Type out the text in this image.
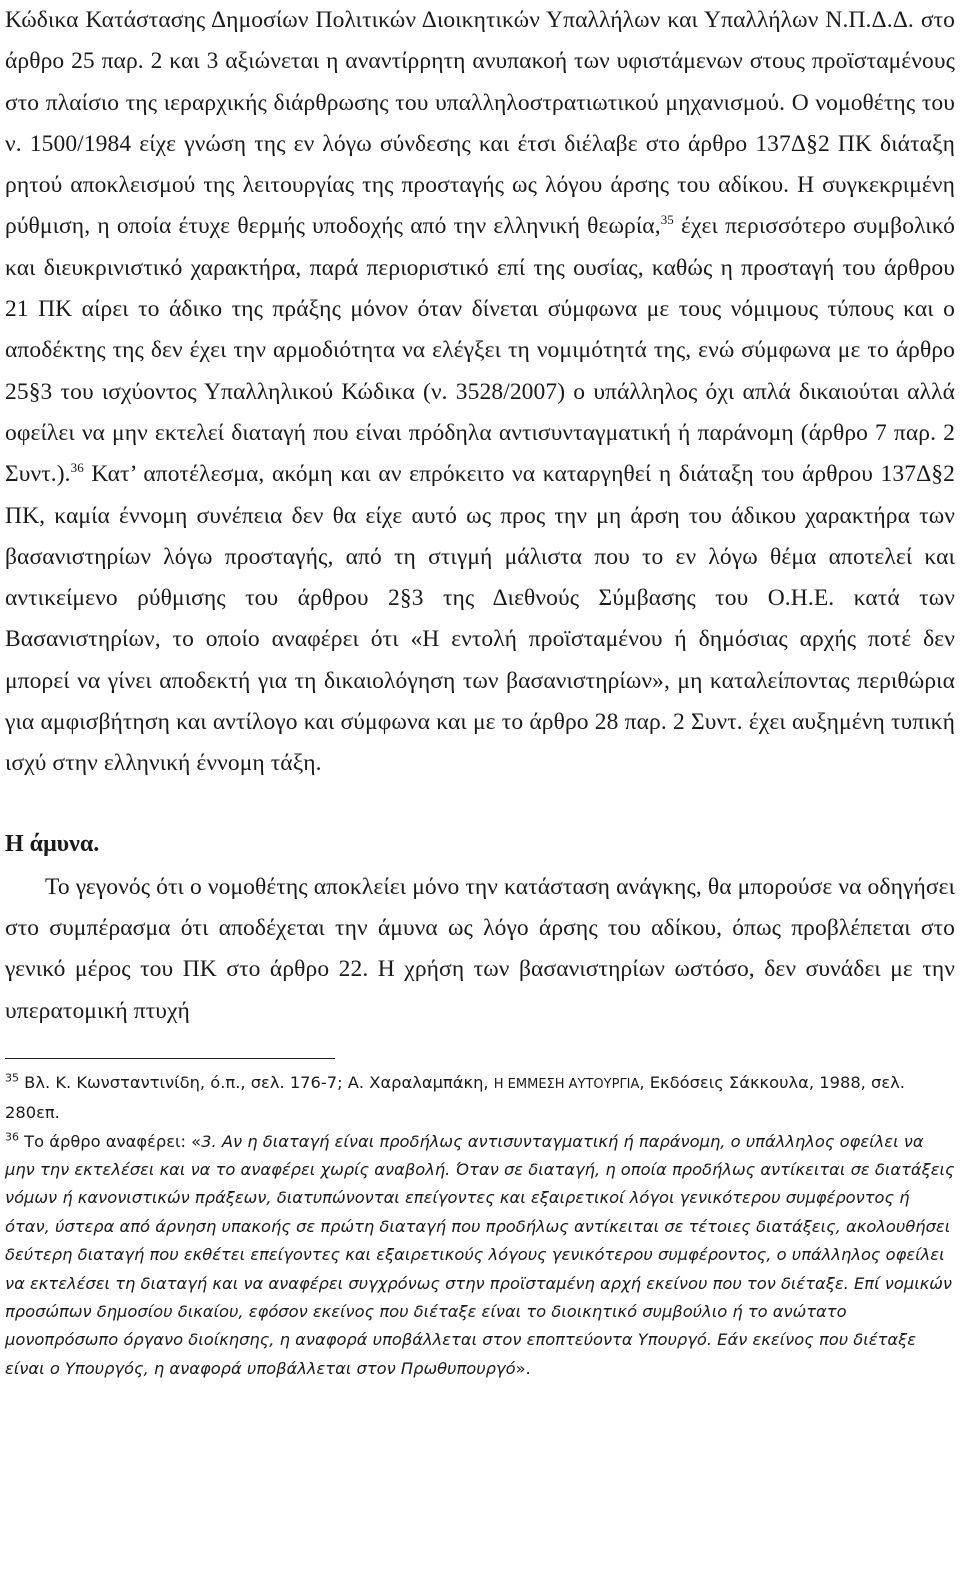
Κώδικα Κατάστασης Δημοσίων Πολιτικών Διοικητικών Υπαλλήλων και Υπαλλήλων Ν.Π.Δ.Δ. στο άρθρο 25 παρ. 2 και 3 αξιώνεται η αναντίρρητη ανυπακοή των υφιστάμενων στους προϊσταμένους στο πλαίσιο της ιεραρχικής διάρθρωσης του υπαλληλοστρατιωτικού μηχανισμού. Ο νομοθέτης του ν. 1500/1984 είχε γνώση της εν λόγω σύνδεσης και έτσι διέλαβε στο άρθρο 137Δ§2 ΠΚ διάταξη ρητού αποκλεισμού της λειτουργίας της προσταγής ως λόγου άρσης του αδίκου. Η συγκεκριμένη ρύθμιση, η οποία έτυχε θερμής υποδοχής από την ελληνική θεωρία,$^{35}$ έχει περισσότερο συμβολικό και διευκρινιστικό χαρακτήρα, παρά περιοριστικό επί της ουσίας, καθώς η προσταγή του άρθρου 21 ΠΚ αίρει το άδικο της πράξης μόνον όταν δίνεται σύμφωνα με τους νόμιμους τύπους και ο αποδέκτης της δεν έχει την αρμοδιότητα να ελέγξει τη νομιμότητά της, ενώ σύμφωνα με το άρθρο 25§3 του ισχύοντος Υπαλληλικού Κώδικα (ν. 3528/2007) ο υπάλληλος όχι απλά δικαιούται αλλά οφείλει να μην εκτελεί διαταγή που είναι πρόδηλα αντισυνταγματική ή παράνομη (άρθρο 7 παρ. 2 Συντ.).$^{36}$ Κατ’ αποτέλεσμα, ακόμη και αν επρόκειτο να καταργηθεί η διάταξη του άρθρου 137Δ§2 ΠΚ, καμία έννομη συνέπεια δεν θα είχε αυτό ως προς την μη άρση του άδικου χαρακτήρα των βασανιστηρίων λόγω προσταγής, από τη στιγμή μάλιστα που το εν λόγω θέμα αποτελεί και αντικείμενο ρύθμισης του άρθρου 2§3 της Διεθνούς Σύμβασης του Ο.Η.Ε. κατά των Βασανιστηρίων, το οποίο αναφέρει ότι «Η εντολή προϊσταμένου ή δημόσιας αρχής ποτέ δεν μπορεί να γίνει αποδεκτή για τη δικαιολόγηση των βασανιστηρίων», μη καταλείποντας περιθώρια για αμφισβήτηση και αντίλογο και σύμφωνα και με το άρθρο 28 παρ. 2 Συντ. έχει αυξημένη τυπική ισχύ στην ελληνική έννομη τάξη.

Η άμυνα.

Το γεγονός ότι ο νομοθέτης αποκλείει μόνο την κατάσταση ανάγκης, θα μπορούσε να οδηγήσει στο συμπέρασμα ότι αποδέχεται την άμυνα ως λόγο άρσης του αδίκου, όπως προβλέπεται στο γενικό μέρος του ΠΚ στο άρθρο 22. Η χρήση των βασανιστηρίων ωστόσο, δεν συνάδει με την υπερατομική πτυχή

$^{35}$ Βλ. Κ. Κωνσταντινίδη, ό.π., σελ. 176-7; Α. Χαραλαμπάκη, Η ΕΜΜΕΣΗ ΑΥΤΟΥΡΓΙΑ, Εκδόσεις Σάκκουλα, 1988, σελ. 280επ.

$^{36}$ Το άρθρο αναφέρει: «3. Αν η διαταγή είναι προδήλως αντισυνταγματική ή παράνομη, ο υπάλληλος οφείλει να μην την εκτελέσει και να το αναφέρει χωρίς αναβολή. Όταν σε διαταγή, η οποία προδήλως αντίκειται σε διατάξεις νόμων ή κανονιστικών πράξεων, διατυπώνονται επείγοντες και εξαιρετικοί λόγοι γενικότερου συμφέροντος ή όταν, ύστερα από άρνηση υπακοής σε πρώτη διαταγή που προδήλως αντίκειται σε τέτοιες διατάξεις, ακολουθήσει δεύτερη διαταγή που εκθέτει επείγοντες και εξαιρετικούς λόγους γενικότερου συμφέροντος, ο υπάλληλος οφείλει να εκτελέσει τη διαταγή και να αναφέρει συγχρόνως στην προϊσταμένη αρχή εκείνου που τον διέταξε. Επί νομικών προσώπων δημοσίου δικαίου, εφόσον εκείνος που διέταξε είναι το διοικητικό συμβούλιο ή το ανώτατο μονοπρόσωπο όργανο διοίκησης, η αναφορά υποβάλλεται στον εποπτεύοντα Υπουργό. Εάν εκείνος που διέταξε είναι ο Υπουργός, η αναφορά υποβάλλεται στον Πρωθυπουργό».
